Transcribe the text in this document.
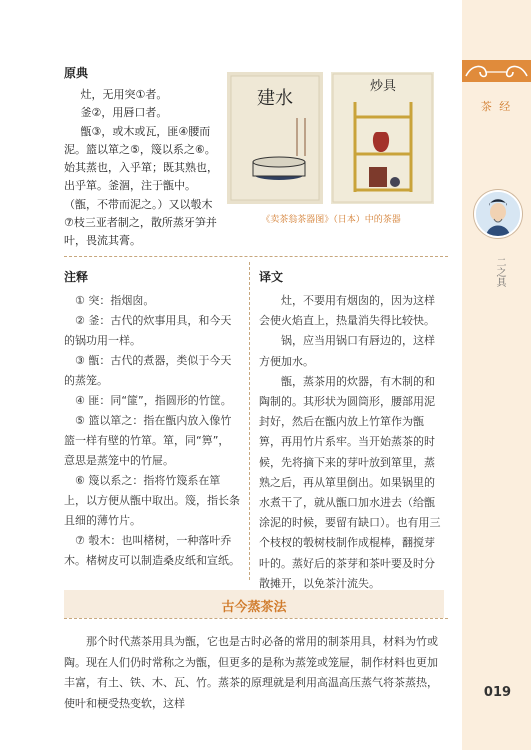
茶 经
二之具
019
原典

灶，无用突①者。

釜②，用唇口者。

甑③，或木或瓦，匪④腰而泥。篮以箪之⑤，篾以系之⑥。始其蒸也，入乎箪；既其熟也，出乎箪。釜涸，注于甑中。（甑，不带而泥之。）又以彀木⑦枝三亚者制之，散所蒸牙笋并叶，畏流其膏。

建水
炒具
《卖茶翁茶器图》（日本）中的茶器
注释

① 突：指烟囱。

② 釜：古代的炊事用具，和今天的锅功用一样。

③ 甑：古代的煮器，类似于今天的蒸笼。

④ 匪：同“篚”，指圆形的竹筐。

⑤ 篮以箪之：指在甑内放入像竹篮一样有壁的竹箪。箪，同“箅”，意思是蒸笼中的竹屉。

⑥ 篾以系之：指将竹篾系在箪上，以方便从甑中取出。篾，指长条且细的薄竹片。

⑦ 彀木：也叫楮树，一种落叶乔木。楮树皮可以制造桑皮纸和宣纸。

译文

灶，不要用有烟囱的，因为这样会使火焰直上，热量消失得比较快。

锅，应当用锅口有唇边的，这样方便加水。

甑，蒸茶用的炊器，有木制的和陶制的。其形状为圆筒形，腰部用泥封好，然后在甑内放上竹箪作为甑箅，再用竹片系牢。当开始蒸茶的时候，先将摘下来的芽叶放到箪里，蒸熟之后，再从箪里倒出。如果锅里的水煮干了，就从甑口加水进去（给甑涂泥的时候，要留有缺口）。也有用三个枝杈的彀树枝制作成棍棒，翻搅芽叶的。蒸好后的茶芽和茶叶要及时分散摊开，以免茶汁流失。

古今蒸茶法
那个时代蒸茶用具为甑，它也是古时必备的常用的制茶用具，材料为竹或陶。现在人们仍时常称之为甑，但更多的是称为蒸笼或笼屉，制作材料也更加丰富，有土、铁、木、瓦、竹。蒸茶的原理就是利用高温高压蒸气将茶蒸热，使叶和梗受热变软，这样
